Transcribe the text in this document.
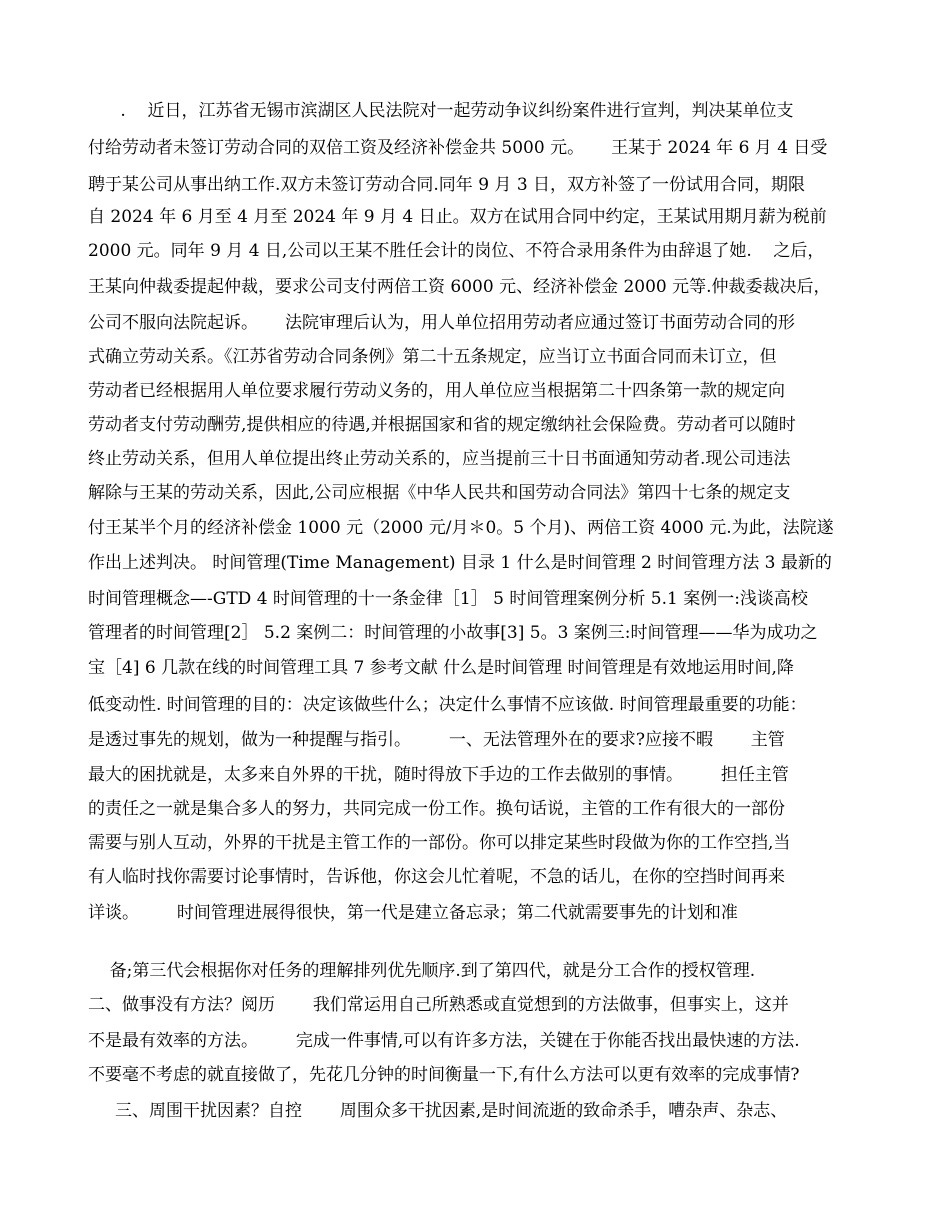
.    近日，江苏省无锡市滨湖区人民法院对一起劳动争议纠纷案件进行宣判，判决某单位支
付给劳动者未签订劳动合同的双倍工资及经济补偿金共 5000 元。     王某于 2024 年 6 月 4 日受
聘于某公司从事出纳工作.双方未签订劳动合同.同年 9 月 3 日，双方补签了一份试用合同，期限
自 2024 年 6 月至 4 月至 2024 年 9 月 4 日止。双方在试用合同中约定，王某试用期月薪为税前
2000 元。同年 9 月 4 日,公司以王某不胜任会计的岗位、不符合录用条件为由辞退了她.    之后，
王某向仲裁委提起仲裁，要求公司支付两倍工资 6000 元、经济补偿金 2000 元等.仲裁委裁决后，
公司不服向法院起诉。     法院审理后认为，用人单位招用劳动者应通过签订书面劳动合同的形
式确立劳动关系。《江苏省劳动合同条例》第二十五条规定，应当订立书面合同而未订立，但
劳动者已经根据用人单位要求履行劳动义务的，用人单位应当根据第二十四条第一款的规定向
劳动者支付劳动酬劳,提供相应的待遇,并根据国家和省的规定缴纳社会保险费。劳动者可以随时
终止劳动关系，但用人单位提出终止劳动关系的，应当提前三十日书面通知劳动者.现公司违法
解除与王某的劳动关系，因此,公司应根据《中华人民共和国劳动合同法》第四十七条的规定支
付王某半个月的经济补偿金 1000 元（2000 元/月＊0。5 个月)、两倍工资 4000 元.为此，法院遂
作出上述判决。 时间管理(Time Management) 目录 1 什么是时间管理 2 时间管理方法 3 最新的
时间管理概念—-GTD 4 时间管理的十一条金律［1］ 5 时间管理案例分析 5.1 案例一:浅谈高校
管理者的时间管理[2］ 5.2 案例二：时间管理的小故事[3] 5。3 案例三:时间管理——华为成功之
宝［4] 6 几款在线的时间管理工具 7 参考文献 什么是时间管理 时间管理是有效地运用时间,降
低变动性. 时间管理的目的：决定该做些什么；决定什么事情不应该做. 时间管理最重要的功能：
是透过事先的规划，做为一种提醒与指引。       一、无法管理外在的要求?应接不暇       主管
最大的困扰就是，太多来自外界的干扰，随时得放下手边的工作去做别的事情。       担任主管
的责任之一就是集合多人的努力，共同完成一份工作。换句话说，主管的工作有很大的一部份
需要与别人互动，外界的干扰是主管工作的一部份。你可以排定某些时段做为你的工作空挡,当
有人临时找你需要讨论事情时，告诉他，你这会儿忙着呢，不急的话儿，在你的空挡时间再来
详谈。       时间管理进展得很快，第一代是建立备忘录；第二代就需要事先的计划和准
备;第三代会根据你对任务的理解排列优先顺序.到了第四代，就是分工合作的授权管理.
二、做事没有方法？阅历       我们常运用自己所熟悉或直觉想到的方法做事，但事实上，这并
不是最有效率的方法。       完成一件事情,可以有许多方法，关键在于你能否找出最快速的方法.
不要毫不考虑的就直接做了，先花几分钟的时间衡量一下,有什么方法可以更有效率的完成事情?
三、周围干扰因素？自控       周围众多干扰因素,是时间流逝的致命杀手，嘈杂声、杂志、
